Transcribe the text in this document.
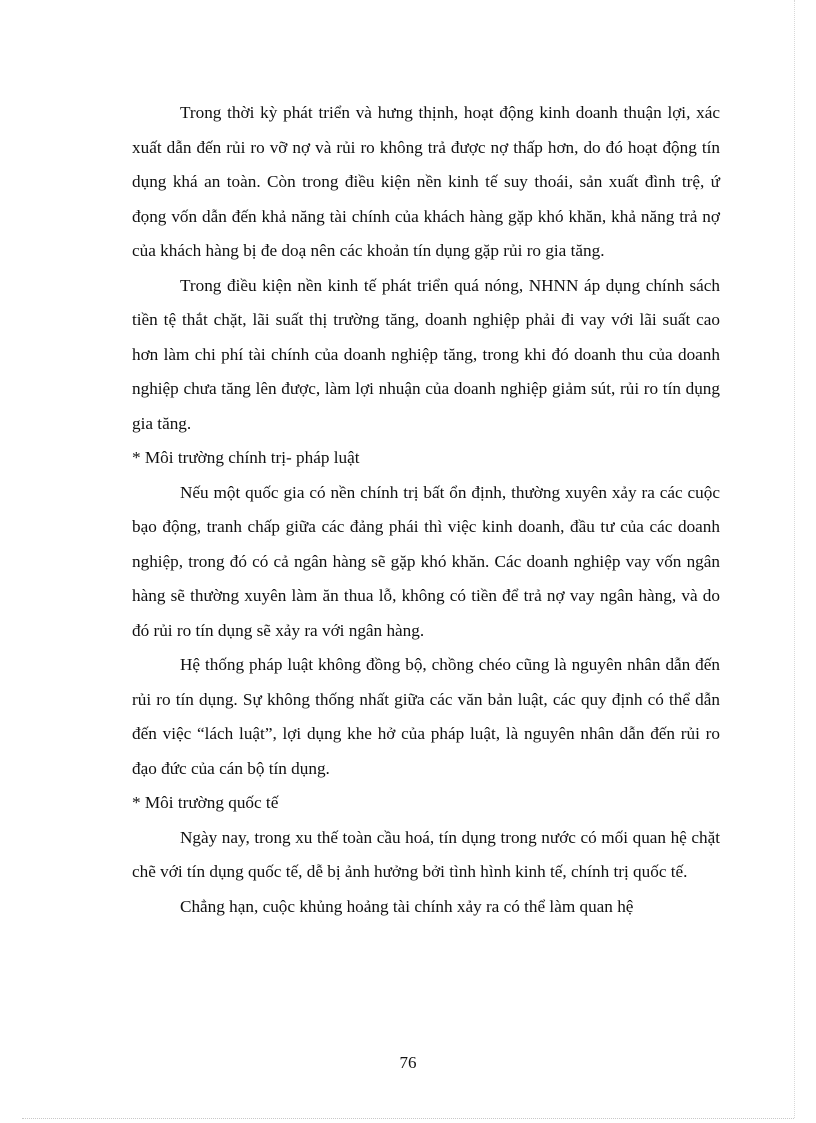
Trong thời kỳ phát triển và hưng thịnh, hoạt động kinh doanh thuận lợi, xác xuất dẫn đến rủi ro vỡ nợ và rủi ro không trả được nợ thấp hơn, do đó hoạt động tín dụng khá an toàn. Còn trong điều kiện nền kinh tế suy thoái, sản xuất đình trệ, ứ đọng vốn dẫn đến khả năng tài chính của khách hàng gặp khó khăn, khả năng trả nợ của khách hàng bị đe doạ nên các khoản tín dụng gặp rủi ro gia tăng.

Trong điều kiện nền kinh tế phát triển quá nóng, NHNN áp dụng chính sách tiền tệ thắt chặt, lãi suất thị trường tăng, doanh nghiệp phải đi vay với lãi suất cao hơn làm chi phí tài chính của doanh nghiệp tăng, trong khi đó doanh thu của doanh nghiệp chưa tăng lên được, làm lợi nhuận của doanh nghiệp giảm sút, rủi ro tín dụng gia tăng.

* Môi trường chính trị- pháp luật

Nếu một quốc gia có nền chính trị bất ổn định, thường xuyên xảy ra các cuộc bạo động, tranh chấp giữa các đảng phái thì việc kinh doanh, đầu tư của các doanh nghiệp, trong đó có cả ngân hàng sẽ gặp khó khăn. Các doanh nghiệp vay vốn ngân hàng sẽ thường xuyên làm ăn thua lỗ, không có tiền để trả nợ vay ngân hàng, và do đó rủi ro tín dụng sẽ xảy ra với ngân hàng.

Hệ thống pháp luật không đồng bộ, chồng chéo cũng là nguyên nhân dẫn đến rủi ro tín dụng. Sự không thống nhất giữa các văn bản luật, các quy định có thể dẫn đến việc “lách luật”, lợi dụng khe hở của pháp luật, là nguyên nhân dẫn đến rủi ro đạo đức của cán bộ tín dụng.

* Môi trường quốc tế

Ngày nay, trong xu thế toàn cầu hoá, tín dụng trong nước có mối quan hệ chặt chẽ với tín dụng quốc tế, dễ bị ảnh hưởng bởi tình hình kinh tế, chính trị quốc tế.

Chẳng hạn, cuộc khủng hoảng tài chính xảy ra có thể làm quan hệ

76
